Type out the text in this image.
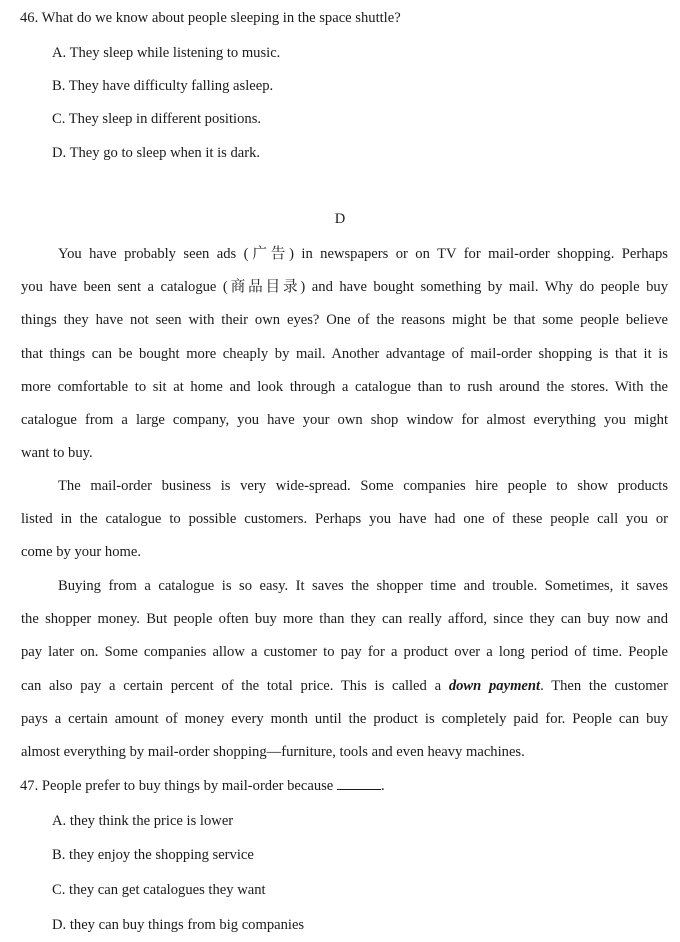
46. What do we know about people sleeping in the space shuttle?
A. They sleep while listening to music.
B. They have difficulty falling asleep.
C. They sleep in different positions.
D. They go to sleep when it is dark.
D
You have probably seen ads (广告) in newspapers or on TV for mail-order shopping. Perhaps
you have been sent a catalogue (商品目录) and have bought something by mail. Why do people buy
things they have not seen with their own eyes? One of the reasons might be that some people believe
that things can be bought more cheaply by mail. Another advantage of mail-order shopping is that it is
more comfortable to sit at home and look through a catalogue than to rush around the stores. With the
catalogue from a large company, you have your own shop window for almost everything you might
want to buy.
The mail-order business is very wide-spread. Some companies hire people to show products
listed in the catalogue to possible customers. Perhaps you have had one of these people call you or
come by your home.
Buying from a catalogue is so easy. It saves the shopper time and trouble. Sometimes, it saves
the shopper money. But people often buy more than they can really afford, since they can buy now and
pay later on. Some companies allow a customer to pay for a product over a long period of time. People
can also pay a certain percent of the total price. This is called a down payment. Then the customer
pays a certain amount of money every month until the product is completely paid for. People can buy
almost everything by mail-order shopping—furniture, tools and even heavy machines.
47. People prefer to buy things by mail-order because	.
A. they think the price is lower
B. they enjoy the shopping service
C. they can get catalogues they want
D. they can buy things from big companies
